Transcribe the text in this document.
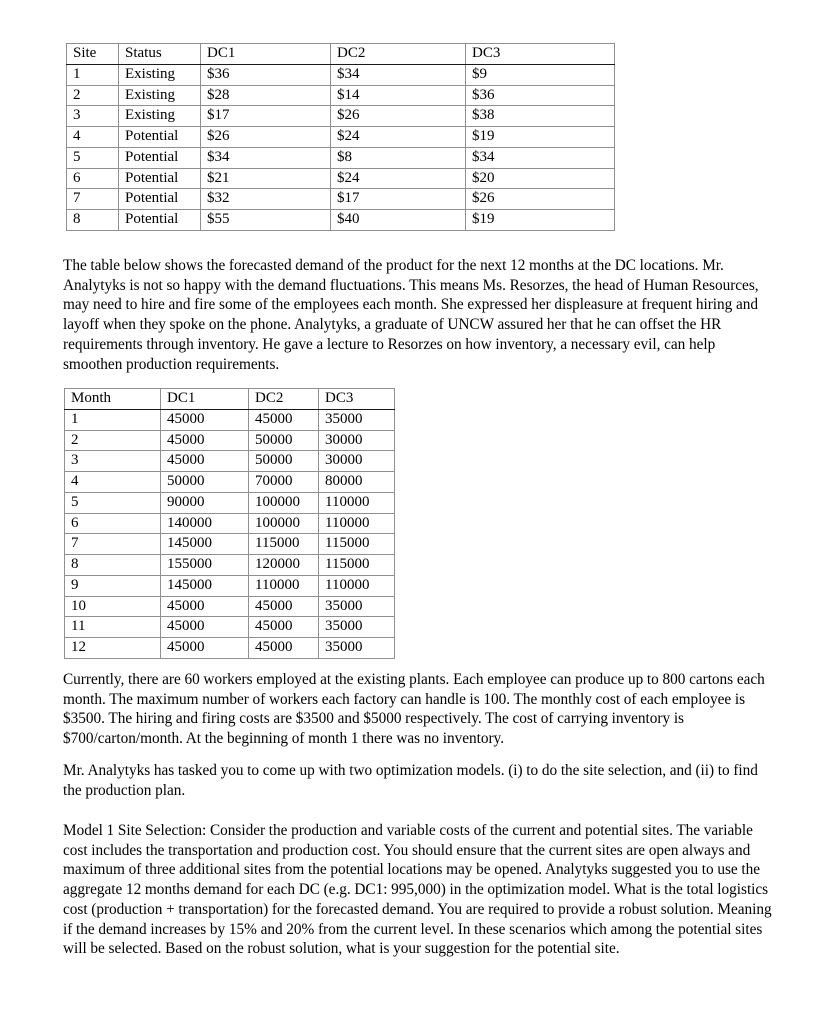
Site	Status	DC1	DC2	DC3
1	Existing	$36	$34	$9
2	Existing	$28	$14	$36
3	Existing	$17	$26	$38
4	Potential	$26	$24	$19
5	Potential	$34	$8	$34
6	Potential	$21	$24	$20
7	Potential	$32	$17	$26
8	Potential	$55	$40	$19

The table below shows the forecasted demand of the product for the next 12 months at the DC locations. Mr. Analytyks is not so happy with the demand fluctuations. This means Ms. Resorzes, the head of Human Resources, may need to hire and fire some of the employees each month. She expressed her displeasure at frequent hiring and layoff when they spoke on the phone. Analytyks, a graduate of UNCW assured her that he can offset the HR requirements through inventory. He gave a lecture to Resorzes on how inventory, a necessary evil, can help smoothen production requirements.

Month	DC1	DC2	DC3
1	45000	45000	35000
2	45000	50000	30000
3	45000	50000	30000
4	50000	70000	80000
5	90000	100000	110000
6	140000	100000	110000
7	145000	115000	115000
8	155000	120000	115000
9	145000	110000	110000
10	45000	45000	35000
11	45000	45000	35000
12	45000	45000	35000

Currently, there are 60 workers employed at the existing plants. Each employee can produce up to 800 cartons each month. The maximum number of workers each factory can handle is 100. The monthly cost of each employee is $3500. The hiring and firing costs are $3500 and $5000 respectively. The cost of carrying inventory is $700/carton/month. At the beginning of month 1 there was no inventory.

Mr. Analytyks has tasked you to come up with two optimization models. (i) to do the site selection, and (ii) to find the production plan.

Model 1 Site Selection: Consider the production and variable costs of the current and potential sites. The variable cost includes the transportation and production cost. You should ensure that the current sites are open always and maximum of three additional sites from the potential locations may be opened. Analytyks suggested you to use the aggregate 12 months demand for each DC (e.g. DC1: 995,000) in the optimization model. What is the total logistics cost (production + transportation) for the forecasted demand. You are required to provide a robust solution. Meaning if the demand increases by 15% and 20% from the current level. In these scenarios which among the potential sites will be selected. Based on the robust solution, what is your suggestion for the potential site.
